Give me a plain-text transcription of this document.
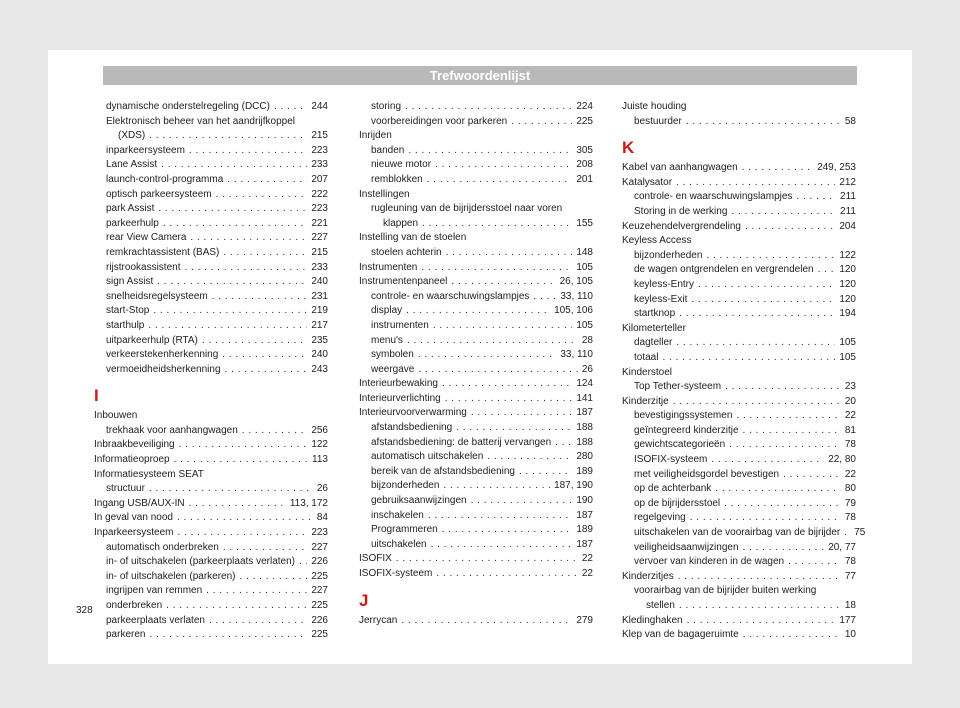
Trefwoordenlijst
dynamische onderstelregeling (DCC) . . .	244
Elektronisch beheer van het aandrijfkoppel
(XDS) . . .	215
inparkeersysteem . . .	223
Lane Assist . . .	233
launch-control-programma . . .	207
optisch parkeersysteem . . .	222
park Assist . . .	223
parkeerhulp . . .	221
rear View Camera . . .	227
remkrachtassistent (BAS) . . .	215
rijstrookassistent . . .	233
sign Assist . . .	240
snelheidsregelsysteem . . .	231
start-Stop . . .	219
starthulp . . .	217
uitparkeerhulp (RTA) . . .	235
verkeerstekenherkenning . . .	240
vermoeidheidsherkenning . . .	243
I
Inbouwen
trekhaak voor aanhangwagen . . .	256
Inbraakbeveiliging . . .	122
Informatieoproep . . .	113
Informatiesysteem SEAT
structuur . . .	26
Ingang USB/AUX-IN . . .	113, 172
In geval van nood . . .	84
Inparkeersysteem . . .	223
automatisch onderbreken . . .	227
in- of uitschakelen (parkeerplaats verlaten) . . . 226
in- of uitschakelen (parkeren) . . .	225
ingrijpen van remmen . . .	227
onderbreken . . .	225
parkeerplaats verlaten . . .	226
parkeren . . .	225
storing . . .	224
voorbereidingen voor parkeren . . .	225
Inrijden
banden . . .	305
nieuwe motor . . .	208
remblokken . . .	201
Instellingen
rugleuning van de bijrijdersstoel naar voren
klappen . . .	155
Instelling van de stoelen
stoelen achterin . . .	148
Instrumenten . . .	105
Instrumentenpaneel . . .	26, 105
controle- en waarschuwingslampjes . . .	33, 110
display . . .	105, 106
instrumenten . . .	105
menu's . . .	28
symbolen . . .	33, 110
weergave . . .	26
Interieurbewaking . . .	124
Interieurverlichting . . .	141
Interieurvoorverwarming . . .	187
afstandsbediening . . .	188
afstandsbediening: de batterij vervangen . . .	188
automatisch uitschakelen . . .	280
bereik van de afstandsbediening . . .	189
bijzonderheden . . .	187, 190
gebruiksaanwijzingen . . .	190
inschakelen . . .	187
Programmeren . . .	189
uitschakelen . . .	187
ISOFIX . . .	22
ISOFIX-systeem . . .	22
J
Jerrycan . . .	279
Juiste houding
bestuurder . . .	58
K
Kabel van aanhangwagen . . .	249, 253
Katalysator . . .	212
controle- en waarschuwingslampjes . . .	211
Storing in de werking . . .	211
Keuzehendelvergrendeling . . .	204
Keyless Access
bijzonderheden . . .	122
de wagen ontgrendelen en vergrendelen . . .	120
keyless-Entry . . .	120
keyless-Exit . . .	120
startknop . . .	194
Kilometerteller
dagteller . . .	105
totaal . . .	105
Kinderstoel
Top Tether-systeem . . .	23
Kinderzitje . . .	20
bevestigingssystemen . . .	22
geïntegreerd kinderzitje . . .	81
gewichtscategorieën . . .	78
ISOFIX-systeem . . .	22, 80
met veiligheidsgordel bevestigen . . .	22
op de achterbank . . .	80
op de bijrijdersstoel . . .	79
regelgeving . . .	78
uitschakelen van de voorairbag van de bijrijder . . . 75
veiligheidsaanwijzingen . . .	20, 77
vervoer van kinderen in de wagen . . .	78
Kinderzitjes . . .	77
voorairbag van de bijrijder buiten werking
stellen . . .	18
Kledinghaken . . .	177
Klep van de bagageruimte . . .	10
328
